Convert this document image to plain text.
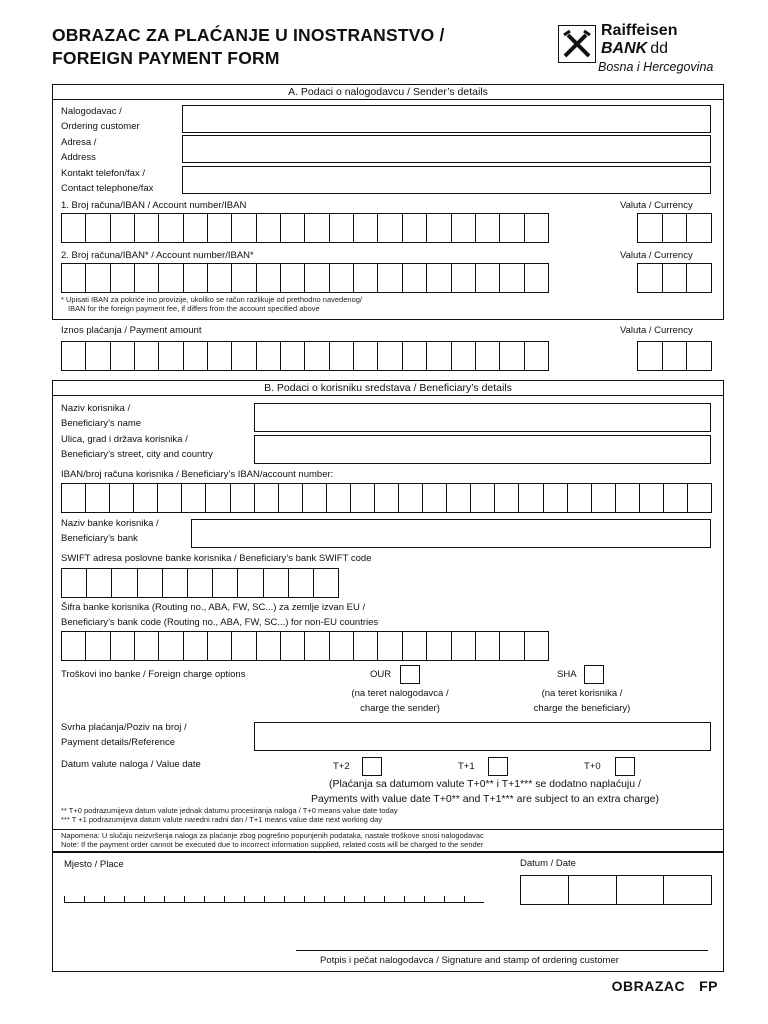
OBRAZAC ZA PLAĆANJE U INOSTRANSTVO /
FOREIGN PAYMENT FORM
Raiffeisen
BANK dd
Bosna i Hercegovina
A. Podaci o nalogodavcu / Sender’s details
Nalogodavac /
Ordering customer
Adresa /
Address
Kontakt telefon/fax /
Contact telephone/fax
1. Broj računa/IBAN / Account number/IBAN	Valuta / Currency
2. Broj računa/IBAN* / Account number/IBAN*	Valuta / Currency
* Upisati IBAN za pokriće ino provizije, ukoliko se račun razlikuje od prethodno navedenog/
IBAN for the foreign payment fee, if differs from the account specified above
Iznos plaćanja / Payment amount	Valuta / Currency
B. Podaci o korisniku sredstava / Beneficiary’s details
Naziv korisnika /
Beneficiary’s name
Ulica, grad i država korisnika /
Beneficiary’s street, city and country
IBAN/broj računa korisnika / Beneficiary’s IBAN/account number:
Naziv banke korisnika /
Beneficiary’s bank
SWIFT adresa poslovne banke korisnika / Beneficiary’s bank SWIFT code
Šifra banke korisnika (Routing no., ABA, FW, SC...) za zemlje izvan EU /
Beneficiary’s bank code (Routing no., ABA, FW, SC...) for non-EU countries
Troškovi ino banke / Foreign charge options	OUR
(na teret nalogodavca /
charge the sender)
SHA
(na teret korisnika /
charge the beneficiary)
Svrha plaćanja/Poziv na broj /
Payment details/Reference
Datum valute naloga / Value date	T+2	T+1	T+0
(Plaćanja sa datumom valute T+0** i T+1*** se dodatno naplaćuju /
Payments with value date T+0** and T+1*** are subject to an extra charge)
** T+0 podrazumijeva datum valute jednak datumu procesiranja naloga / T+0 means value date today
*** T +1 podrazumijeva datum valute naredni radni dan / T+1 means value date next working day
Napomena: U slučaju neizvršenja naloga za plaćanje zbog pogrešno popunjenih podataka, nastale troškove snosi nalogodavac
Note: If the payment order cannot be executed due to incorrect information supplied, related costs will be charged to the sender
Mjesto / Place	Datum / Date
Potpis i pečat nalogodavca / Signature and stamp of ordering customer
OBRAZAC FP
